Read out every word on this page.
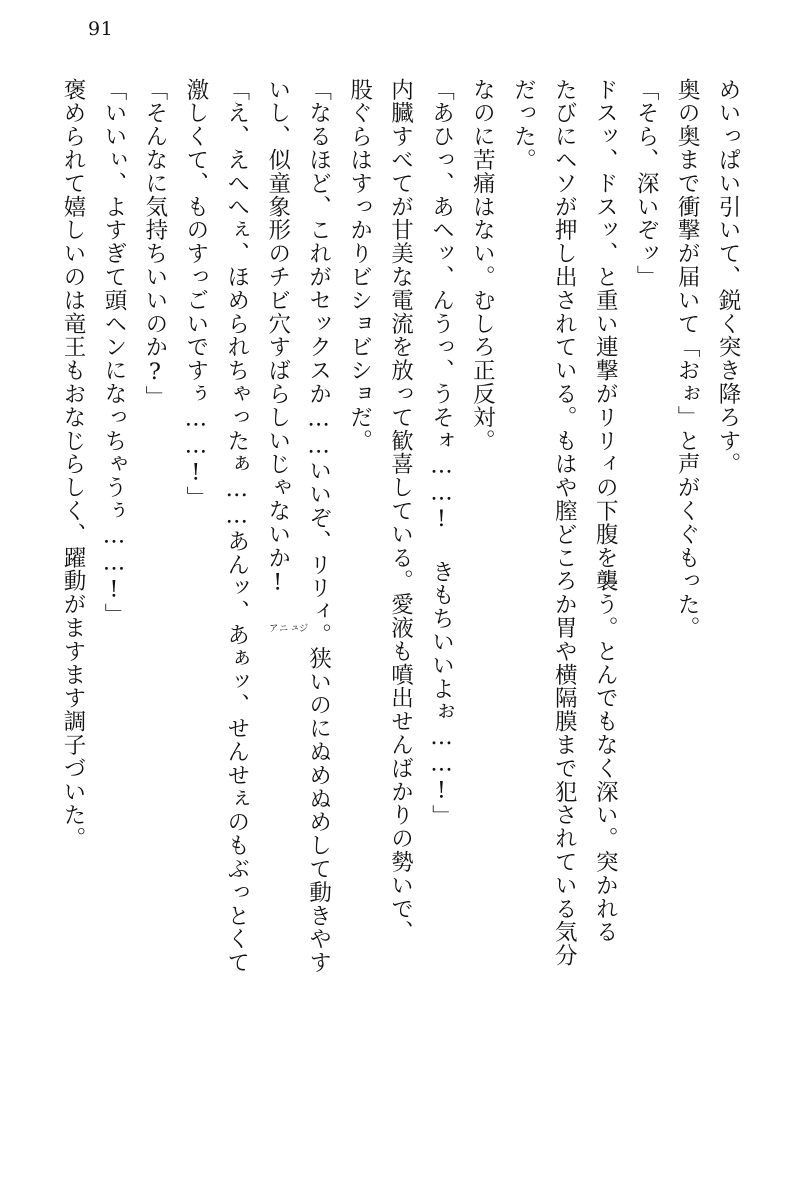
91

めいっぱい引いて、鋭く突き降ろす。

奥の奥まで衝撃が届いて「おぉ」と声がくぐもった。

「そら、深いぞッ」

ドスッ、ドスッ、と重い連撃がリリィの下腹を襲う。とんでもなく深い。突かれる

たびにヘソが押し出されている。もはや膣どころか胃や横隔膜まで犯されている気分

だった。

なのに苦痛はない。むしろ正反対。

「あひっ、あヘッ、んうっ、うそォ……! きもちいいよぉ……!」

内臓すべてが甘美な電流を放って歓喜している。愛液も噴出せんばかりの勢いで、

股ぐらはすっかりビショビショだ。

「なるほど、これがセックスか……いいぞ、リリィ。狭いのにぬめぬめして動きやす

いし、似童象形のチビ穴すばらしいじゃないか!
ジュニア

「え、えへへぇ、ほめられちゃったぁ……あんッ、あぁッ、せんせぇのもぶっとくて

激しくて、ものすっごいですぅ……!」

「そんなに気持ちいいのか?」

「いいぃ、よすぎて頭ヘンになっちゃうぅ……!」

褒められて嬉しいのは竜王もおなじらしく、躍動がますます調子づいた。
